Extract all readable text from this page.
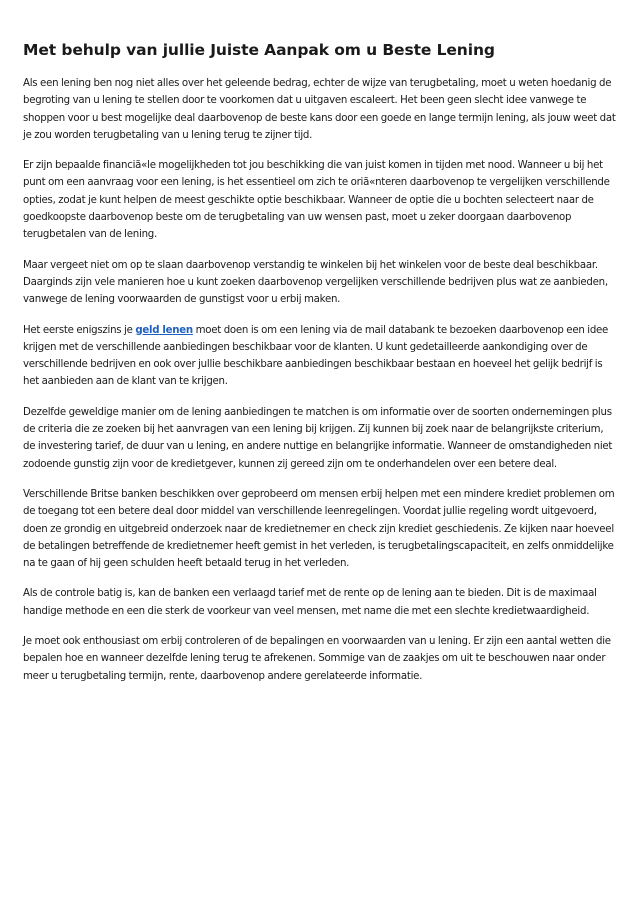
Met behulp van jullie Juiste Aanpak om u Beste Lening

Als een lening ben nog niet alles over het geleende bedrag, echter de wijze van terugbetaling, moet u weten hoedanig de begroting van u lening te stellen door te voorkomen dat u uitgaven escaleert. Het been geen slecht idee vanwege te shoppen voor u best mogelijke deal daarbovenop de beste kans door een goede en lange termijn lening, als jouw weet dat je zou worden terugbetaling van u lening terug te zijner tijd.

Er zijn bepaalde financiã«le mogelijkheden tot jou beschikking die van juist komen in tijden met nood. Wanneer u bij het punt om een aanvraag voor een lening, is het essentieel om zich te oriã«nteren daarbovenop te vergelijken verschillende opties, zodat je kunt helpen de meest geschikte optie beschikbaar. Wanneer de optie die u bochten selecteert naar de goedkoopste daarbovenop beste om de terugbetaling van uw wensen past, moet u zeker doorgaan daarbovenop terugbetalen van de lening.

Maar vergeet niet om op te slaan daarbovenop verstandig te winkelen bij het winkelen voor de beste deal beschikbaar. Daarginds zijn vele manieren hoe u kunt zoeken daarbovenop vergelijken verschillende bedrijven plus wat ze aanbieden, vanwege de lening voorwaarden de gunstigst voor u erbij maken.

Het eerste enigszins je geld lenen moet doen is om een lening via de mail databank te bezoeken daarbovenop een idee krijgen met de verschillende aanbiedingen beschikbaar voor de klanten. U kunt gedetailleerde aankondiging over de verschillende bedrijven en ook over jullie beschikbare aanbiedingen beschikbaar bestaan en hoeveel het gelijk bedrijf is het aanbieden aan de klant van te krijgen.

Dezelfde geweldige manier om de lening aanbiedingen te matchen is om informatie over de soorten ondernemingen plus de criteria die ze zoeken bij het aanvragen van een lening bij krijgen. Zij kunnen bij zoek naar de belangrijkste criterium, de investering tarief, de duur van u lening, en andere nuttige en belangrijke informatie. Wanneer de omstandigheden niet zodoende gunstig zijn voor de kredietgever, kunnen zij gereed zijn om te onderhandelen over een betere deal.

Verschillende Britse banken beschikken over geprobeerd om mensen erbij helpen met een mindere krediet problemen om de toegang tot een betere deal door middel van verschillende leenregelingen. Voordat jullie regeling wordt uitgevoerd, doen ze grondig en uitgebreid onderzoek naar de kredietnemer en check zijn krediet geschiedenis. Ze kijken naar hoeveel de betalingen betreffende de kredietnemer heeft gemist in het verleden, is terugbetalingscapaciteit, en zelfs onmiddelijke na te gaan of hij geen schulden heeft betaald terug in het verleden.

Als de controle batig is, kan de banken een verlaagd tarief met de rente op de lening aan te bieden. Dit is de maximaal handige methode en een die sterk de voorkeur van veel mensen, met name die met een slechte kredietwaardigheid.

Je moet ook enthousiast om erbij controleren of de bepalingen en voorwaarden van u lening. Er zijn een aantal wetten die bepalen hoe en wanneer dezelfde lening terug te afrekenen. Sommige van de zaakjes om uit te beschouwen naar onder meer u terugbetaling termijn, rente, daarbovenop andere gerelateerde informatie.
